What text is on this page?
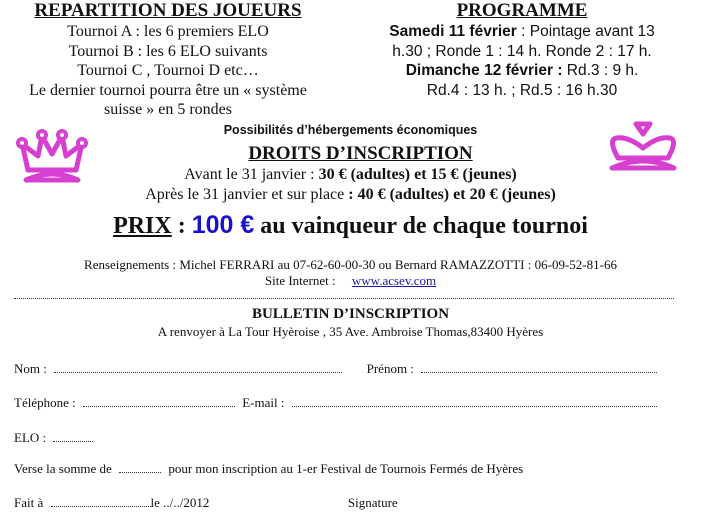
REPARTITION DES JOUEURS
Tournoi A : les 6 premiers ELO
Tournoi B : les 6 ELO suivants
Tournoi C , Tournoi D etc…
Le dernier tournoi pourra être un « système
suisse » en 5 rondes
PROGRAMME
Samedi 11 février : Pointage avant 13
h.30 ; Ronde 1 : 14 h. Ronde 2 : 17 h.
Dimanche 12 février : Rd.3 : 9 h.
Rd.4 : 13 h. ; Rd.5 : 16 h.30
Possibilités d’hébergements économiques
DROITS D’INSCRIPTION
Avant le 31 janvier : 30 € (adultes) et 15 € (jeunes)
Après le 31 janvier et sur place : 40 € (adultes) et 20 € (jeunes)
PRIX : 100 € au vainqueur de chaque tournoi
Renseignements : Michel FERRARI au 07-62-60-00-30 ou Bernard RAMAZZOTTI : 06-09-52-81-66
Site Internet : www.acsev.com
BULLETIN D’INSCRIPTION
A renvoyer à La Tour Hyèroise , 35 Ave. Ambroise Thomas,83400 Hyères
Nom :	Prénom :
Téléphone :	E-mail :
ELO :
Verse la somme de	pour mon inscription au 1-er Festival de Tournois Fermés de Hyères
Fait à	le ../../2012	Signature
